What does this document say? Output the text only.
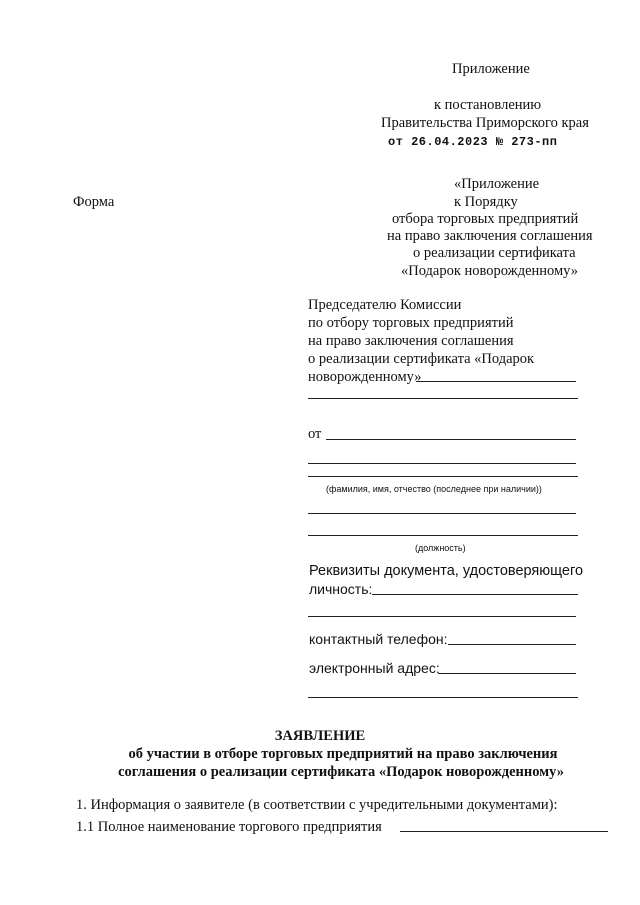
Приложение
к постановлению
Правительства Приморского края
от 26.04.2023 № 273-пп
Форма
«Приложение
к Порядку
отбора торговых предприятий
на право заключения соглашения
о реализации сертификата
«Подарок новорожденному»
Председателю Комиссии
по отбору торговых предприятий
на право заключения соглашения
о реализации сертификата «Подарок
новорожденному»
от
(фамилия, имя, отчество (последнее при наличии))
(должность)
Реквизиты документа, удостоверяющего
личность:
контактный телефон:
электронный адрес:
ЗАЯВЛЕНИЕ
об участии в отборе торговых предприятий на право заключения
соглашения о реализации сертификата «Подарок новорожденному»
1. Информация о заявителе (в соответствии с учредительными документами):
1.1 Полное наименование торгового предприятия
